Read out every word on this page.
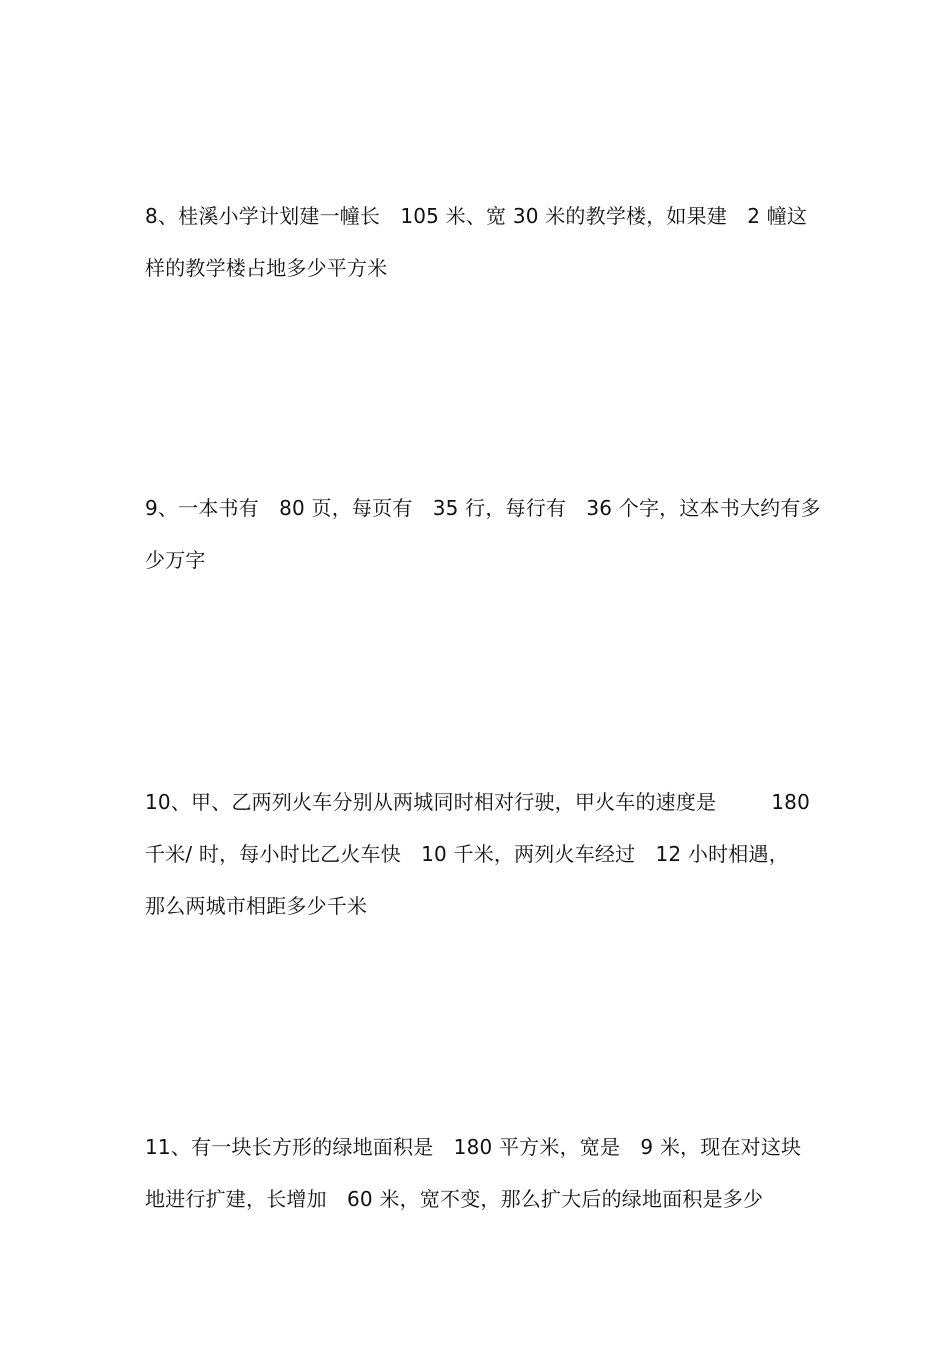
8、桂溪小学计划建一幢长　105 米、宽 30 米的教学楼，如果建　2 幢这
样的教学楼占地多少平方米
9、一本书有　80 页，每页有　35 行，每行有　36 个字，这本书大约有多
少万字
10、甲、乙两列火车分别从两城同时相对行驶，甲火车的速度是	180
千米/ 时，每小时比乙火车快　10 千米，两列火车经过　12 小时相遇，
那么两城市相距多少千米
11、有一块长方形的绿地面积是　180 平方米，宽是　9 米，现在对这块
地进行扩建，长增加　60 米，宽不变，那么扩大后的绿地面积是多少
